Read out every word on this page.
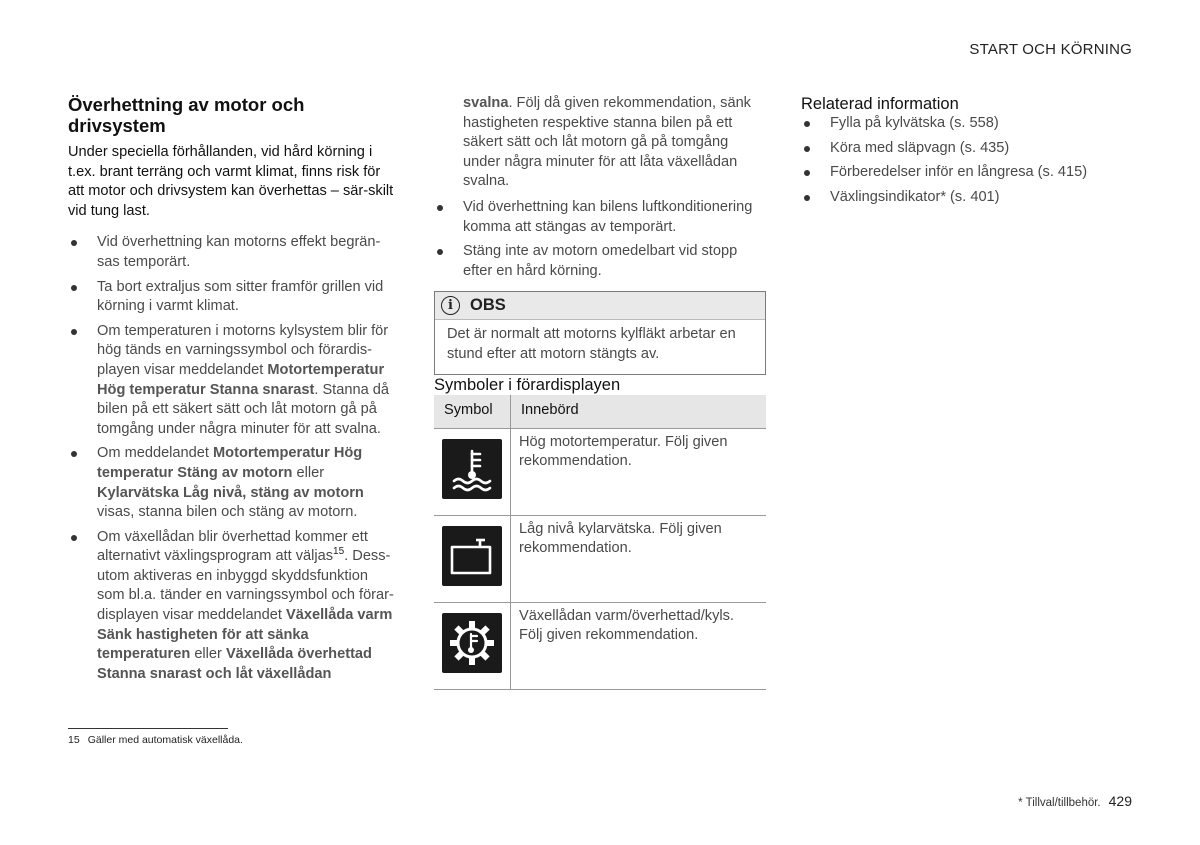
START OCH KÖRNING
Överhettning av motor och drivsystem

Under speciella förhållanden, vid hård körning i t.ex. brant terräng och varmt klimat, finns risk för att motor och drivsystem kan överhettas – sär-skilt vid tung last.

Vid överhettning kan motorns effekt begrän-sas temporärt.
Ta bort extraljus som sitter framför grillen vid körning i varmt klimat.
Om temperaturen i motorns kylsystem blir för hög tänds en varningssymbol och förardis-playen visar meddelandet Motortemperatur Hög temperatur Stanna snarast. Stanna då bilen på ett säkert sätt och låt motorn gå på tomgång under några minuter för att svalna.
Om meddelandet Motortemperatur Hög temperatur Stäng av motorn eller Kylarvätska Låg nivå, stäng av motorn visas, stanna bilen och stäng av motorn.
Om växellådan blir överhettad kommer ett alternativt växlingsprogram att väljas$^{15}$. Dess-utom aktiveras en inbyggd skyddsfunktion som bl.a. tänder en varningssymbol och förar-displayen visar meddelandet Växellåda varm Sänk hastigheten för att sänka temperaturen eller Växellåda överhettad Stanna snarast och låt växellådan
svalna. Följ då given rekommendation, sänk hastigheten respektive stanna bilen på ett säkert sätt och låt motorn gå på tomgång under några minuter för att låta växellådan svalna.
Vid överhettning kan bilens luftkonditionering komma att stängas av temporärt.
Stäng inte av motorn omedelbart vid stopp efter en hård körning.
i	OBS
Det är normalt att motorns kylfläkt arbetar en stund efter att motorn stängts av.
Symboler i förardisplayen
Symbol	Innebörd

	Hög motortemperatur. Följ given rekommendation.

	Låg nivå kylarvätska. Följ given rekommendation.

	Växellådan varm/överhettad/kyls. Följ given rekommendation.
Relaterad information
Fylla på kylvätska (s. 558)
Köra med släpvagn (s. 435)
Förberedelser inför en långresa (s. 415)
Växlingsindikator* (s. 401)
15 Gäller med automatisk växellåda.
* Tillval/tillbehör. 429
